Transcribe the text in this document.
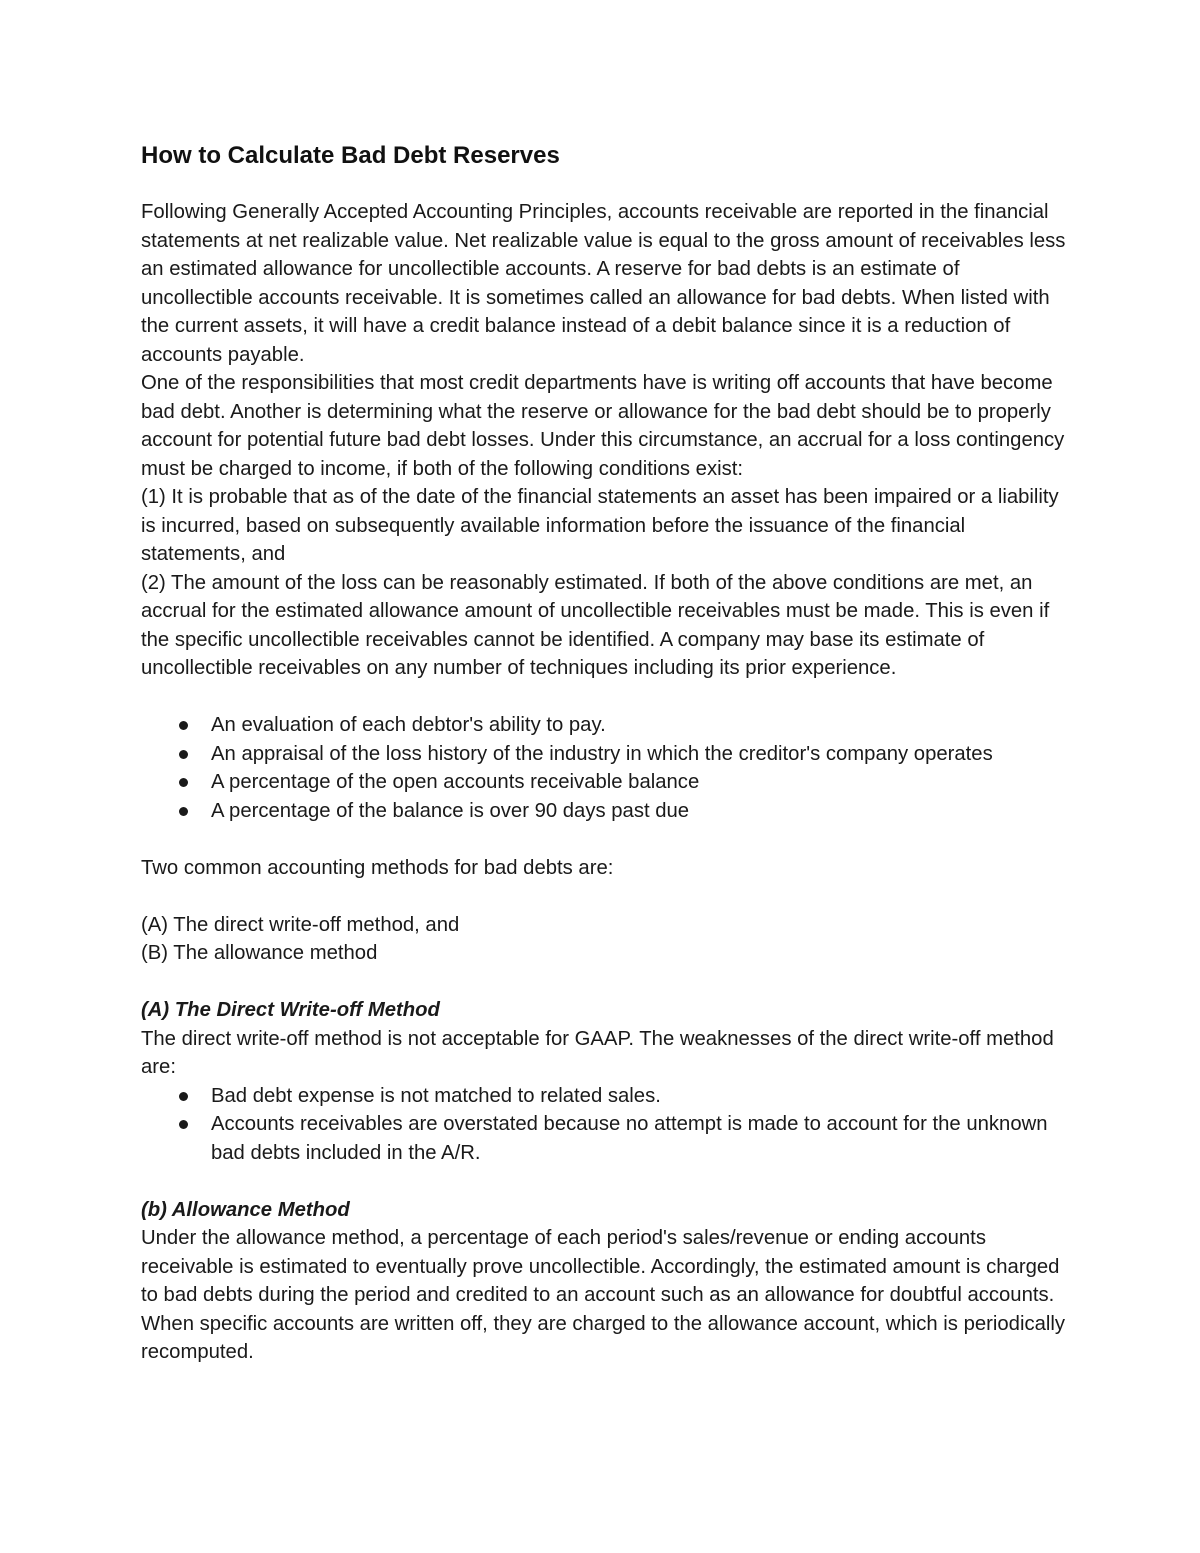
How to Calculate Bad Debt Reserves

Following Generally Accepted Accounting Principles, accounts receivable are reported in the financial statements at net realizable value. Net realizable value is equal to the gross amount of receivables less an estimated allowance for uncollectible accounts. A reserve for bad debts is an estimate of uncollectible accounts receivable. It is sometimes called an allowance for bad debts. When listed with the current assets, it will have a credit balance instead of a debit balance since it is a reduction of accounts payable.

One of the responsibilities that most credit departments have is writing off accounts that have become bad debt. Another is determining what the reserve or allowance for the bad debt should be to properly account for potential future bad debt losses. Under this circumstance, an accrual for a loss contingency must be charged to income, if both of the following conditions exist:

(1) It is probable that as of the date of the financial statements an asset has been impaired or a liability is incurred, based on subsequently available information before the issuance of the financial statements, and

(2) The amount of the loss can be reasonably estimated. If both of the above conditions are met, an accrual for the estimated allowance amount of uncollectible receivables must be made. This is even if the specific uncollectible receivables cannot be identified. A company may base its estimate of uncollectible receivables on any number of techniques including its prior experience.

An evaluation of each debtor's ability to pay.
An appraisal of the loss history of the industry in which the creditor's company operates
A percentage of the open accounts receivable balance
A percentage of the balance is over 90 days past due

Two common accounting methods for bad debts are:

(A) The direct write-off method, and

(B) The allowance method

(A) The Direct Write-off Method

The direct write-off method is not acceptable for GAAP. The weaknesses of the direct write-off method are:

Bad debt expense is not matched to related sales.
Accounts receivables are overstated because no attempt is made to account for the unknown bad debts included in the A/R.

(b) Allowance Method

Under the allowance method, a percentage of each period's sales/revenue or ending accounts receivable is estimated to eventually prove uncollectible. Accordingly, the estimated amount is charged to bad debts during the period and credited to an account such as an allowance for doubtful accounts. When specific accounts are written off, they are charged to the allowance account, which is periodically recomputed.
